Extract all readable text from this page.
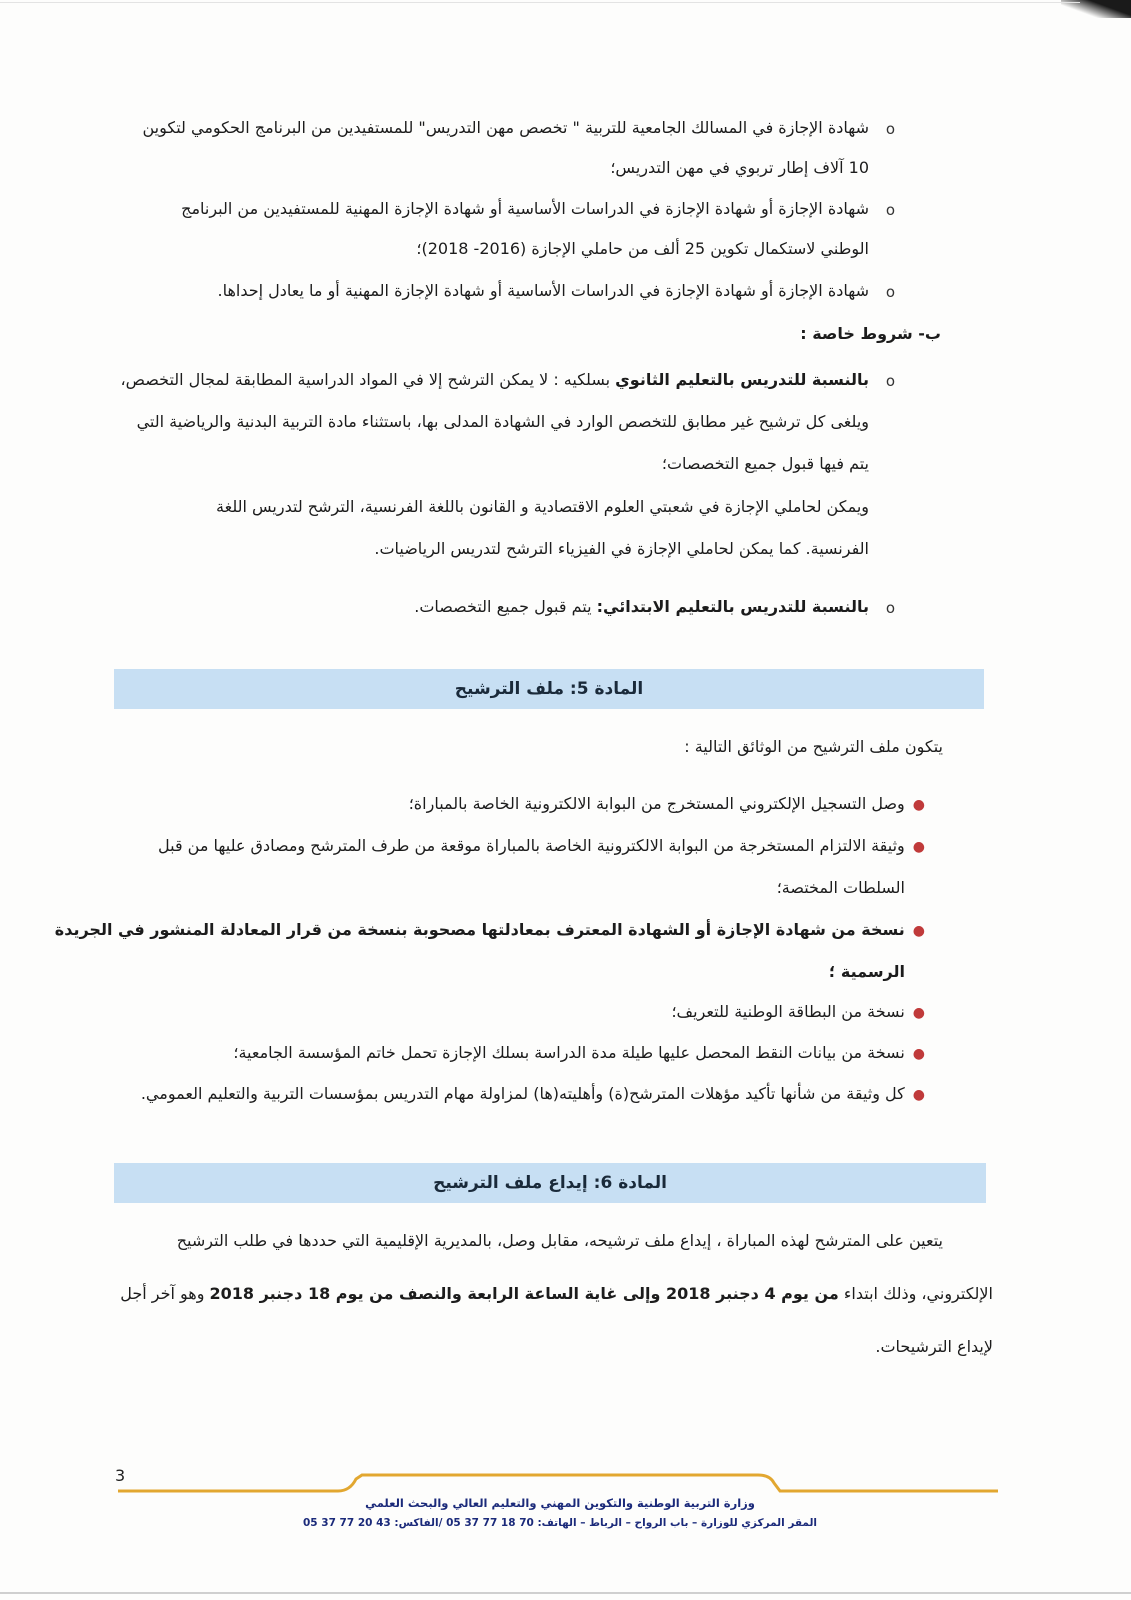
o
شهادة الإجازة في المسالك الجامعية للتربية " تخصص مهن التدريس" للمستفيدين من البرنامج الحكومي لتكوين
10 آلاف إطار تربوي في مهن التدريس؛
o
شهادة الإجازة أو شهادة الإجازة في الدراسات الأساسية أو شهادة الإجازة المهنية للمستفيدين من البرنامج
الوطني لاستكمال تكوين 25 ألف من حاملي الإجازة (2016- 2018)؛
o
شهادة الإجازة أو شهادة الإجازة في الدراسات الأساسية أو شهادة الإجازة المهنية أو ما يعادل إحداها.
ب- شروط خاصة :
o
بالنسبة للتدريس بالتعليم الثانوي بسلكيه : لا يمكن الترشح إلا في المواد الدراسية المطابقة لمجال التخصص،
ويلغى كل ترشيح غير مطابق للتخصص الوارد في الشهادة المدلى بها، باستثناء مادة التربية البدنية والرياضية التي
يتم فيها قبول جميع التخصصات؛
ويمكن لحاملي الإجازة في شعبتي العلوم الاقتصادية و القانون باللغة الفرنسية، الترشح لتدريس اللغة
الفرنسية. كما يمكن لحاملي الإجازة في الفيزياء الترشح لتدريس الرياضيات.
o
بالنسبة للتدريس بالتعليم الابتدائي: يتم قبول جميع التخصصات.
المادة 5: ملف الترشيح
يتكون ملف الترشيح من الوثائق التالية :
●وصل التسجيل الإلكتروني المستخرج من البوابة الالكترونية الخاصة بالمباراة؛
●وثيقة الالتزام المستخرجة من البوابة الالكترونية الخاصة بالمباراة موقعة من طرف المترشح ومصادق عليها من قبل
السلطات المختصة؛
●نسخة من شهادة الإجازة أو الشهادة المعترف بمعادلتها مصحوبة بنسخة من قرار المعادلة المنشور في الجريدة
الرسمية ؛
●نسخة من البطاقة الوطنية للتعريف؛
●نسخة من بيانات النقط المحصل عليها طيلة مدة الدراسة بسلك الإجازة تحمل خاتم المؤسسة الجامعية؛
●كل وثيقة من شأنها تأكيد مؤهلات المترشح(ة) وأهليته(ها) لمزاولة مهام التدريس بمؤسسات التربية والتعليم العمومي.
المادة 6: إيداع ملف الترشيح
يتعين على المترشح لهذه المباراة ، إيداع ملف ترشيحه، مقابل وصل، بالمديرية الإقليمية التي حددها في طلب الترشيح
الإلكتروني، وذلك ابتداء من يوم 4 دجنبر 2018 وإلى غاية الساعة الرابعة والنصف من يوم 18 دجنبر 2018 وهو آخر أجل
لإيداع الترشيحات.
3
وزارة التربية الوطنية والتكوين المهني والتعليم العالي والبحث العلمي
المقر المركزي للوزارة – باب الرواح – الرباط – الهاتف: 70 18 77 37 05 /الفاكس: 43 20 77 37 05
